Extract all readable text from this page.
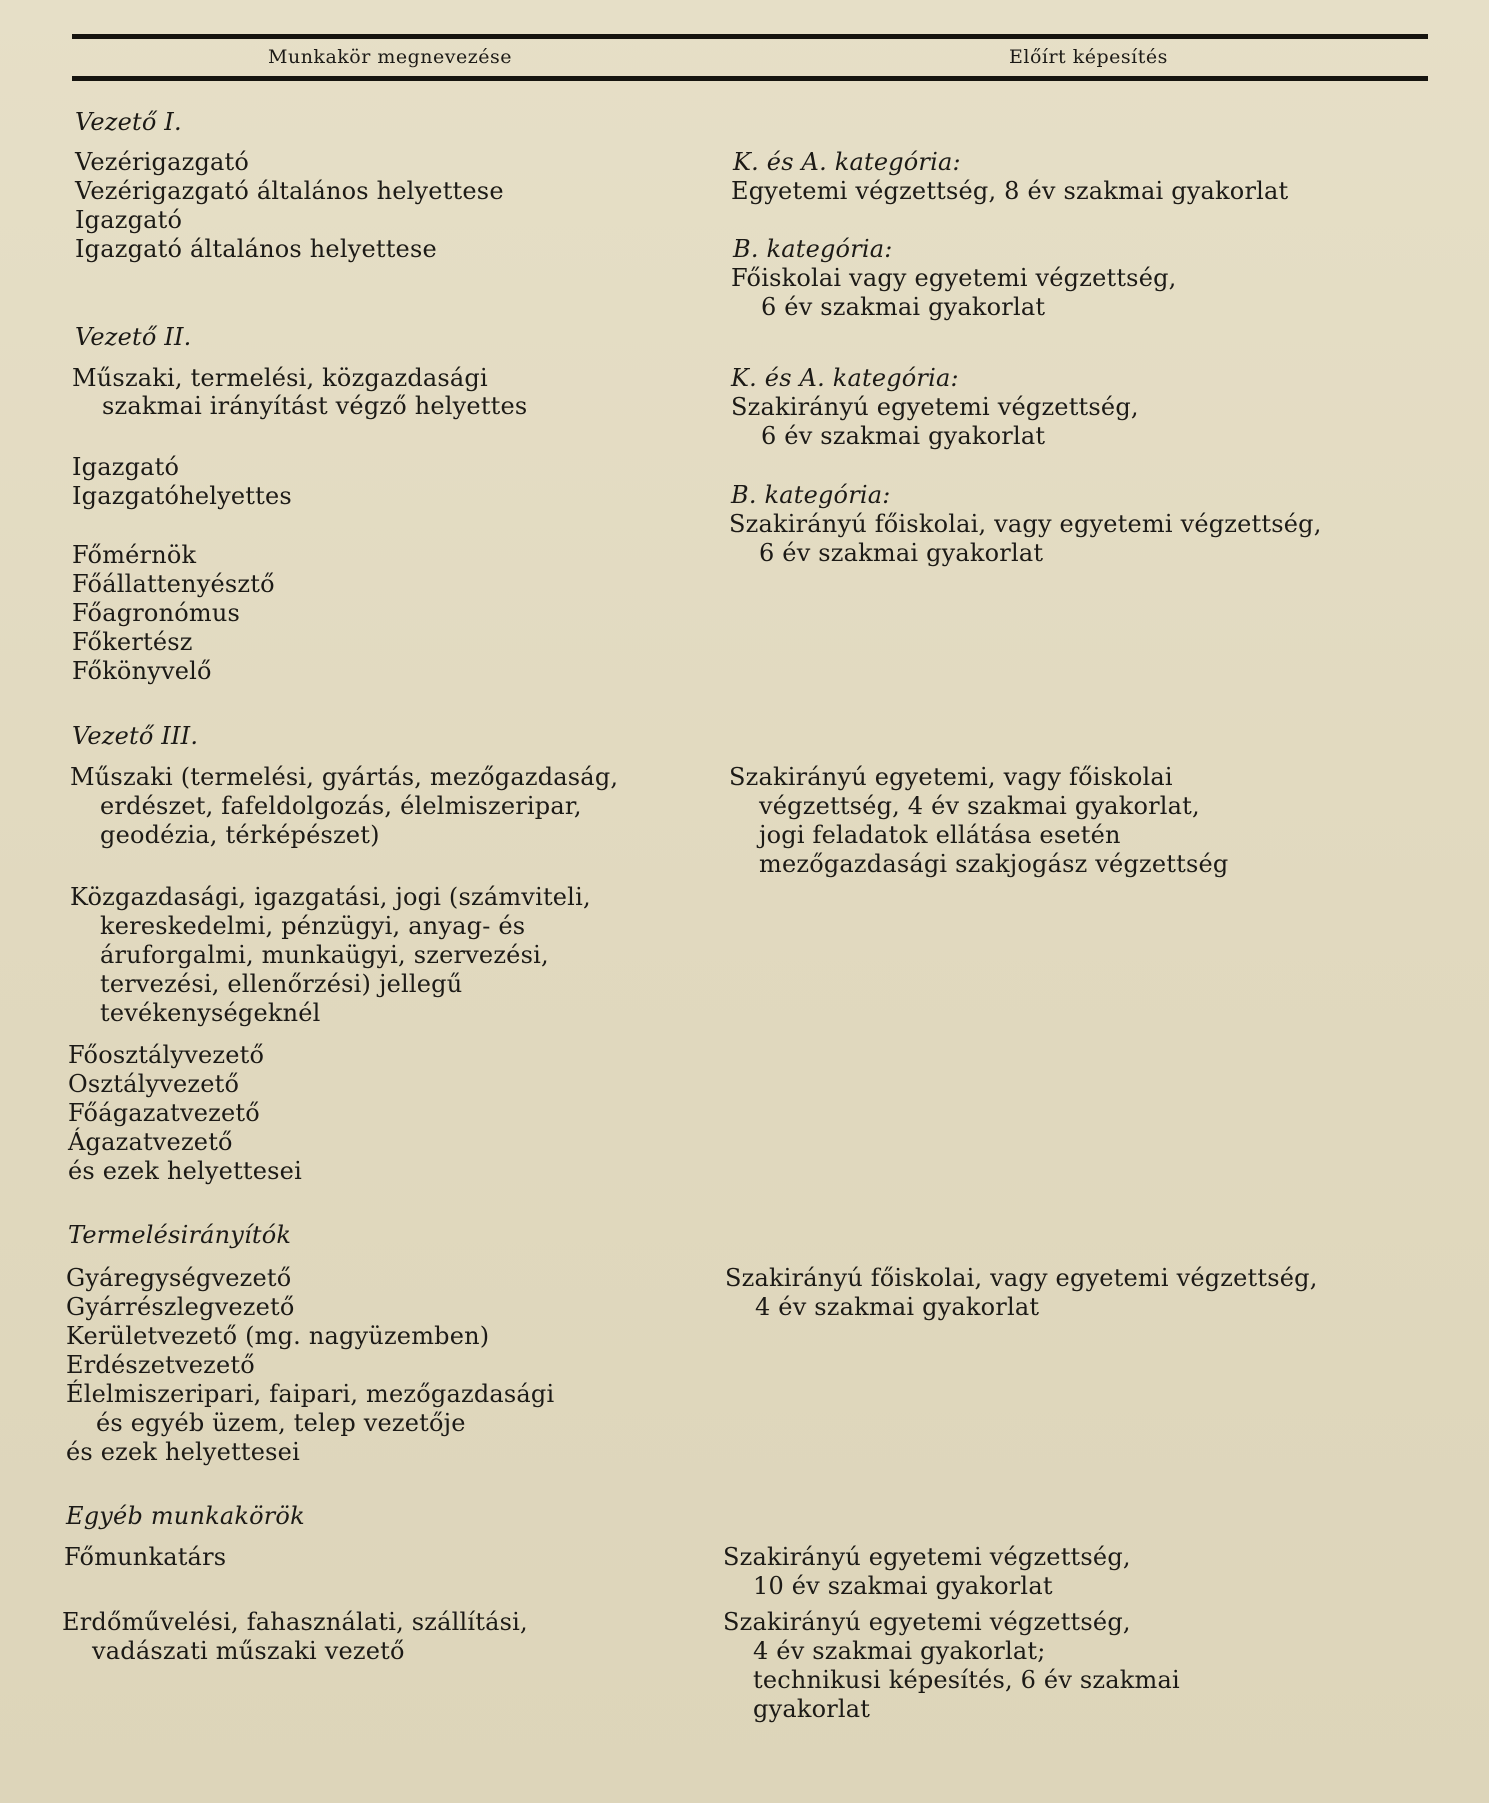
Munkakör megnevezése	Előírt képesítés
Vezető I.
Vezérigazgató
Vezérigazgató általános helyettese
Igazgató
Igazgató általános helyettese
Vezető II.
Műszaki, termelési, közgazdasági
szakmai irányítást végző helyettes
Igazgató
Igazgatóhelyettes
Főmérnök
Főállattenyésztő
Főagronómus
Főkertész
Főkönyvelő
Vezető III.
Műszaki (termelési, gyártás, mezőgazdaság,
erdészet, fafeldolgozás, élelmiszeripar,
geodézia, térképészet)
Közgazdasági, igazgatási, jogi (számviteli,
kereskedelmi, pénzügyi, anyag- és
áruforgalmi, munkaügyi, szervezési,
tervezési, ellenőrzési) jellegű
tevékenységeknél
Főosztályvezető
Osztályvezető
Főágazatvezető
Ágazatvezető
és ezek helyettesei
Termelésirányítók
Gyáregységvezető
Gyárrészlegvezető
Kerületvezető (mg. nagyüzemben)
Erdészetvezető
Élelmiszeripari, faipari, mezőgazdasági
és egyéb üzem, telep vezetője
és ezek helyettesei
Egyéb munkakörök
Főmunkatárs
Erdőművelési, fahasználati, szállítási,
vadászati műszaki vezető
K. és A. kategória:
Egyetemi végzettség, 8 év szakmai gyakorlat
B. kategória:
Főiskolai vagy egyetemi végzettség,
6 év szakmai gyakorlat
K. és A. kategória:
Szakirányú egyetemi végzettség,
6 év szakmai gyakorlat
B. kategória:
Szakirányú főiskolai, vagy egyetemi végzettség,
6 év szakmai gyakorlat
Szakirányú egyetemi, vagy főiskolai
végzettség, 4 év szakmai gyakorlat,
jogi feladatok ellátása esetén
mezőgazdasági szakjogász végzettség
Szakirányú főiskolai, vagy egyetemi végzettség,
4 év szakmai gyakorlat
Szakirányú egyetemi végzettség,
10 év szakmai gyakorlat
Szakirányú egyetemi végzettség,
4 év szakmai gyakorlat;
technikusi képesítés, 6 év szakmai
gyakorlat
